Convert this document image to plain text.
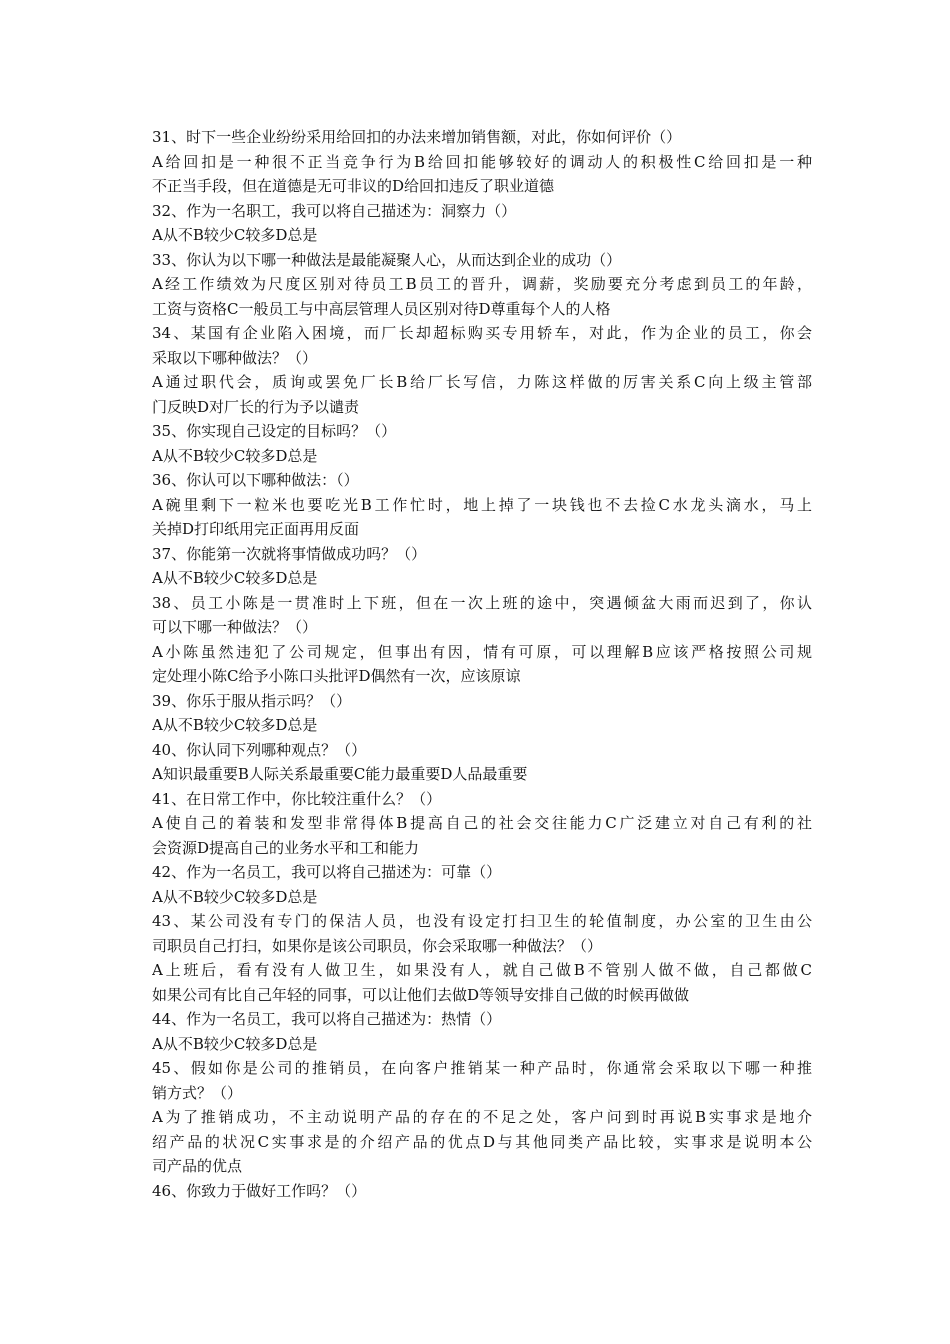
31、时下一些企业纷纷采用给回扣的办法来增加销售额，对此，你如何评价（）
A给回扣是一种很不正当竞争行为B给回扣能够较好的调动人的积极性C给回扣是一种
不正当手段，但在道德是无可非议的D给回扣违反了职业道德
32、作为一名职工，我可以将自己描述为：洞察力（）
A从不B较少C较多D总是
33、你认为以下哪一种做法是最能凝聚人心，从而达到企业的成功（）
A经工作绩效为尺度区别对待员工B员工的晋升，调薪，奖励要充分考虑到员工的年龄，
工资与资格C一般员工与中高层管理人员区别对待D尊重每个人的人格
34、某国有企业陷入困境，而厂长却超标购买专用轿车，对此，作为企业的员工，你会
采取以下哪种做法？（）
A通过职代会，质询或罢免厂长B给厂长写信，力陈这样做的厉害关系C向上级主管部
门反映D对厂长的行为予以谴责
35、你实现自己设定的目标吗？（）
A从不B较少C较多D总是
36、你认可以下哪种做法：（）
A碗里剩下一粒米也要吃光B工作忙时，地上掉了一块钱也不去捡C水龙头滴水，马上
关掉D打印纸用完正面再用反面
37、你能第一次就将事情做成功吗？（）
A从不B较少C较多D总是
38、员工小陈是一贯准时上下班，但在一次上班的途中，突遇倾盆大雨而迟到了，你认
可以下哪一种做法？（）
A小陈虽然违犯了公司规定，但事出有因，情有可原，可以理解B应该严格按照公司规
定处理小陈C给予小陈口头批评D偶然有一次，应该原谅
39、你乐于服从指示吗？（）
A从不B较少C较多D总是
40、你认同下列哪种观点？（）
A知识最重要B人际关系最重要C能力最重要D人品最重要
41、在日常工作中，你比较注重什么？（）
A使自己的着装和发型非常得体B提高自己的社会交往能力C广泛建立对自己有利的社
会资源D提高自己的业务水平和工和能力
42、作为一名员工，我可以将自己描述为：可靠（）
A从不B较少C较多D总是
43、某公司没有专门的保洁人员，也没有设定打扫卫生的轮值制度，办公室的卫生由公
司职员自己打扫，如果你是该公司职员，你会采取哪一种做法？（）
A上班后，看有没有人做卫生，如果没有人，就自己做B不管别人做不做，自己都做C
如果公司有比自己年轻的同事，可以让他们去做D等领导安排自己做的时候再做做
44、作为一名员工，我可以将自己描述为：热情（）
A从不B较少C较多D总是
45、假如你是公司的推销员，在向客户推销某一种产品时，你通常会采取以下哪一种推
销方式？（）
A为了推销成功，不主动说明产品的存在的不足之处，客户问到时再说B实事求是地介
绍产品的状况C实事求是的介绍产品的优点D与其他同类产品比较，实事求是说明本公
司产品的优点
46、你致力于做好工作吗？（）
